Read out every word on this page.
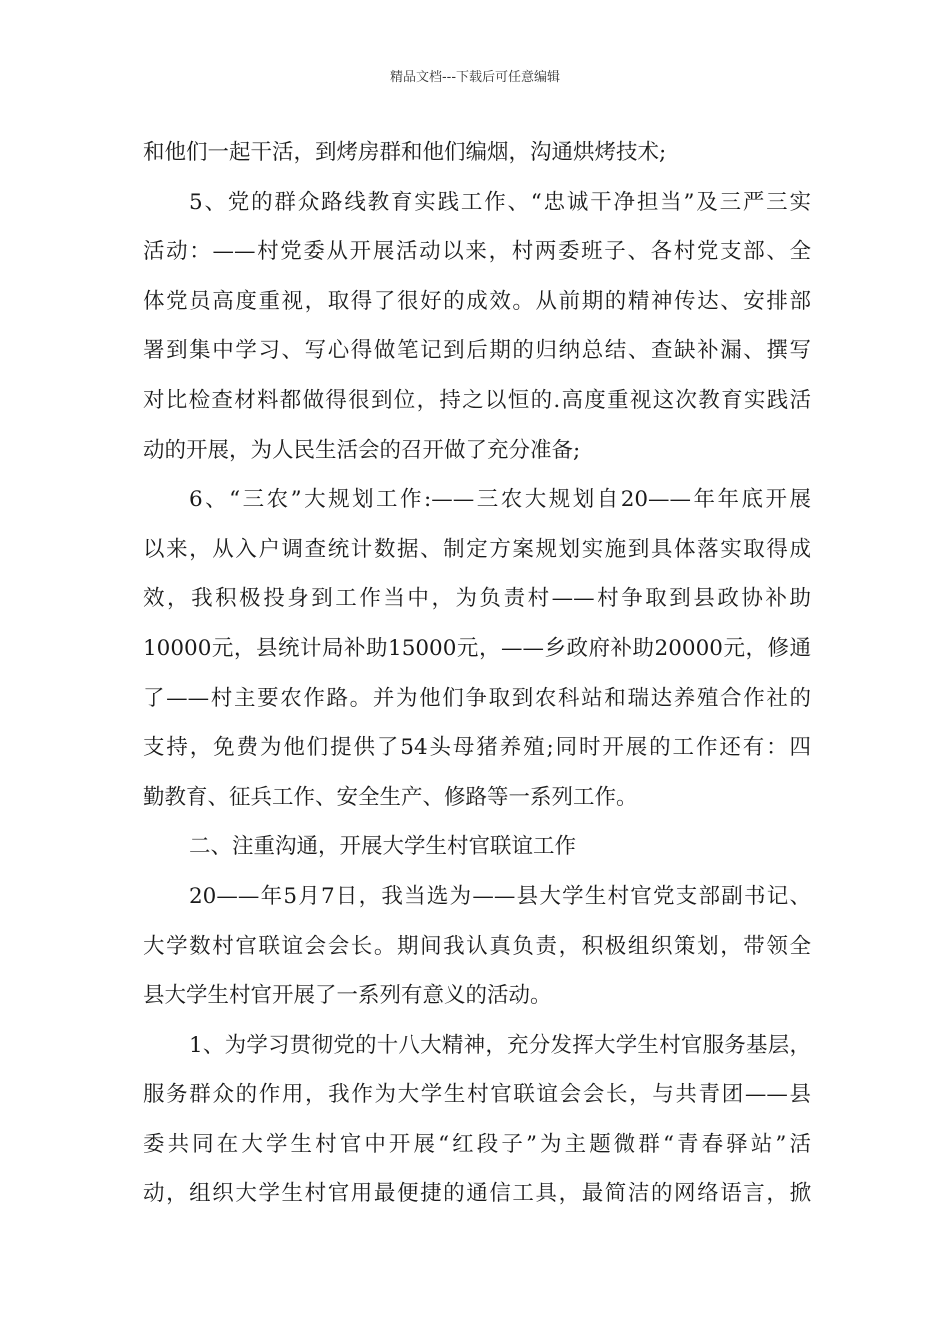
精品文档---下载后可任意编辑
和他们一起干活，到烤房群和他们编烟，沟通烘烤技术;
5、党的群众路线教育实践工作、“忠诚干净担当”及三严三实
活动：——村党委从开展活动以来，村两委班子、各村党支部、全
体党员高度重视，取得了很好的成效。从前期的精神传达、安排部
署到集中学习、写心得做笔记到后期的归纳总结、查缺补漏、撰写
对比检查材料都做得很到位，持之以恒的.高度重视这次教育实践活
动的开展，为人民生活会的召开做了充分准备;
6、“三农”大规划工作:——三农大规划自20——年年底开展
以来，从入户调查统计数据、制定方案规划实施到具体落实取得成
效，我积极投身到工作当中，为负责村——村争取到县政协补助
10000元，县统计局补助15000元，——乡政府补助20000元，修通
了——村主要农作路。并为他们争取到农科站和瑞达养殖合作社的
支持，免费为他们提供了54头母猪养殖;同时开展的工作还有：四
勤教育、征兵工作、安全生产、修路等一系列工作。
二、注重沟通，开展大学生村官联谊工作
20——年5月7日，我当选为——县大学生村官党支部副书记、
大学数村官联谊会会长。期间我认真负责，积极组织策划，带领全
县大学生村官开展了一系列有意义的活动。
1、为学习贯彻党的十八大精神，充分发挥大学生村官服务基层，
服务群众的作用，我作为大学生村官联谊会会长，与共青团——县
委共同在大学生村官中开展“红段子”为主题微群“青春驿站”活
动，组织大学生村官用最便捷的通信工具，最简洁的网络语言，掀
